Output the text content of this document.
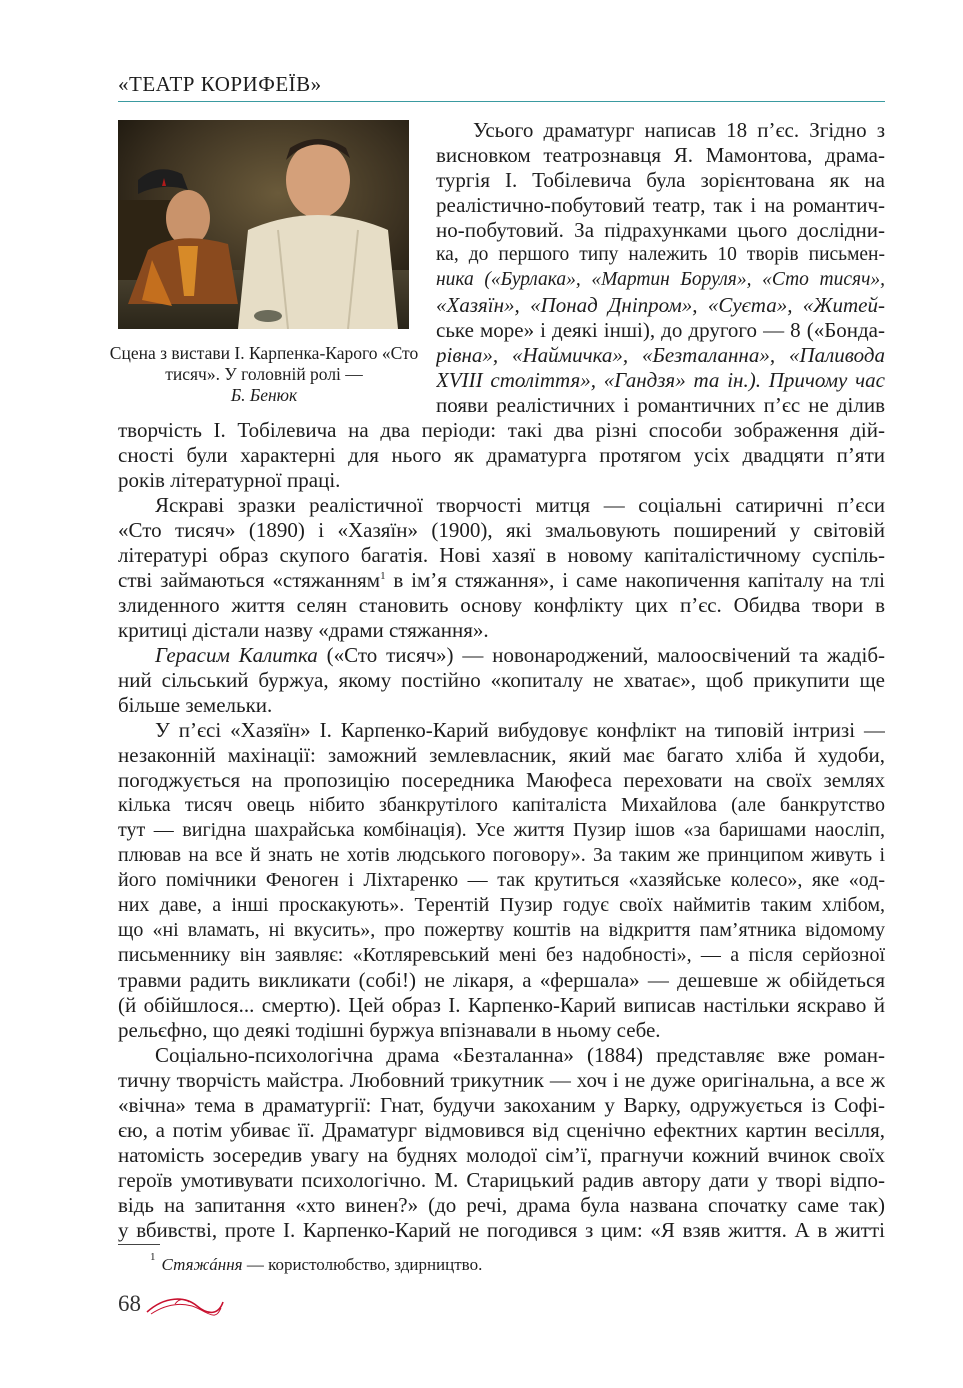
«ТЕАТР КОРИФЕЇВ»
Сцена з вистави І. Карпенка-Карого «Сто тисяч». У головній ролі —
Б. Бенюк
Усього драматург написав 18 п’єс. Згідно з
висновком театрознавця Я. Мамонтова, драма-
тургія І. Тобілевича була зорієнтована як на
реалістично-побутовий театр, так і на романтич-
но-побутовий. За підрахунками цього дослідни-
ка, до першого типу належить 10 творів письмен-
ника («Бурлака», «Мартин Боруля», «Сто тисяч»,
«Хазяїн», «Понад Дніпром», «Суєта», «Житей-
ське море» і деякі інші), до другого — 8 («Бонда-
рівна», «Наймичка», «Безталанна», «Паливода
XVIII століття», «Гандзя» та ін.). Причому час
появи реалістичних і романтичних п’єс не ділив
творчість І. Тобілевича на два періоди: такі два різні способи зображення дій-
сності були характерні для нього як драматурга протягом усіх двадцяти п’яти
років літературної праці.
Яскраві зразки реалістичної творчості митця — соціальні сатиричні п’єси
«Сто тисяч» (1890) і «Хазяїн» (1900), які змальовують поширений у світовій
літературі образ скупого багатія. Нові хазяї в новому капіталістичному суспіль-
стві займаються «стяжанням$^1$ в ім’я стяжання», і саме накопичення капіталу на тлі
злиденного життя селян становить основу конфлікту цих п’єс. Обидва твори в
критиці дістали назву «драми стяжання».
Герасим Калитка («Сто тисяч») — новонароджений, малоосвічений та жадіб-
ний сільський буржуа, якому постійно «копиталу не хватає», щоб прикупити ще
більше земельки.
У п’єсі «Хазяїн» І. Карпенко-Карий вибудовує конфлікт на типовій інтризі —
незаконній махінації: заможний землевласник, який має багато хліба й худоби,
погоджується на пропозицію посередника Маюфеса переховати на своїх землях
кілька тисяч овець нібито збанкрутілого капіталіста Михайлова (але банкрутство
тут — вигідна шахрайська комбінація). Усе життя Пузир ішов «за баришами наосліп,
плював на все й знать не хотів людського поговору». За таким же принципом живуть і
його помічники Феноген і Ліхтаренко — так крутиться «хазяйське колесо», яке «од-
них даве, а інші проскакують». Терентій Пузир годує своїх наймитів таким хлібом,
що «ні вламать, ні вкусить», про пожертву коштів на відкриття пам’ятника відомому
письменнику він заявляє: «Котляревський мені без надобності», — а після серйозної
травми радить викликати (собі!) не лікаря, а «фершала» — дешевше ж обійдеться
(й обійшлося... смертю). Цей образ І. Карпенко-Карий виписав настільки яскраво й
рельєфно, що деякі тодішні буржуа впізнавали в ньому себе.
Соціально-психологічна драма «Безталанна» (1884) представляє вже роман-
тичну творчість майстра. Любовний трикутник — хоч і не дуже оригінальна, а все ж
«вічна» тема в драматургії: Гнат, будучи закоханим у Варку, одружується із Софі-
єю, а потім убиває її. Драматург відмовився від сценічно ефектних картин весілля,
натомість зосередив увагу на буднях молодої сім’ї, прагнучи кожний вчинок своїх
героїв умотивувати психологічно. М. Старицький радив автору дати у творі відпо-
відь на запитання «хто винен?» (до речі, драма була названа спочатку саме так)
у вбивстві, проте І. Карпенко-Карий не погодився з цим: «Я взяв життя. А в житті
$^1$ Стяжáння — користолюбство, здирництво.
68
